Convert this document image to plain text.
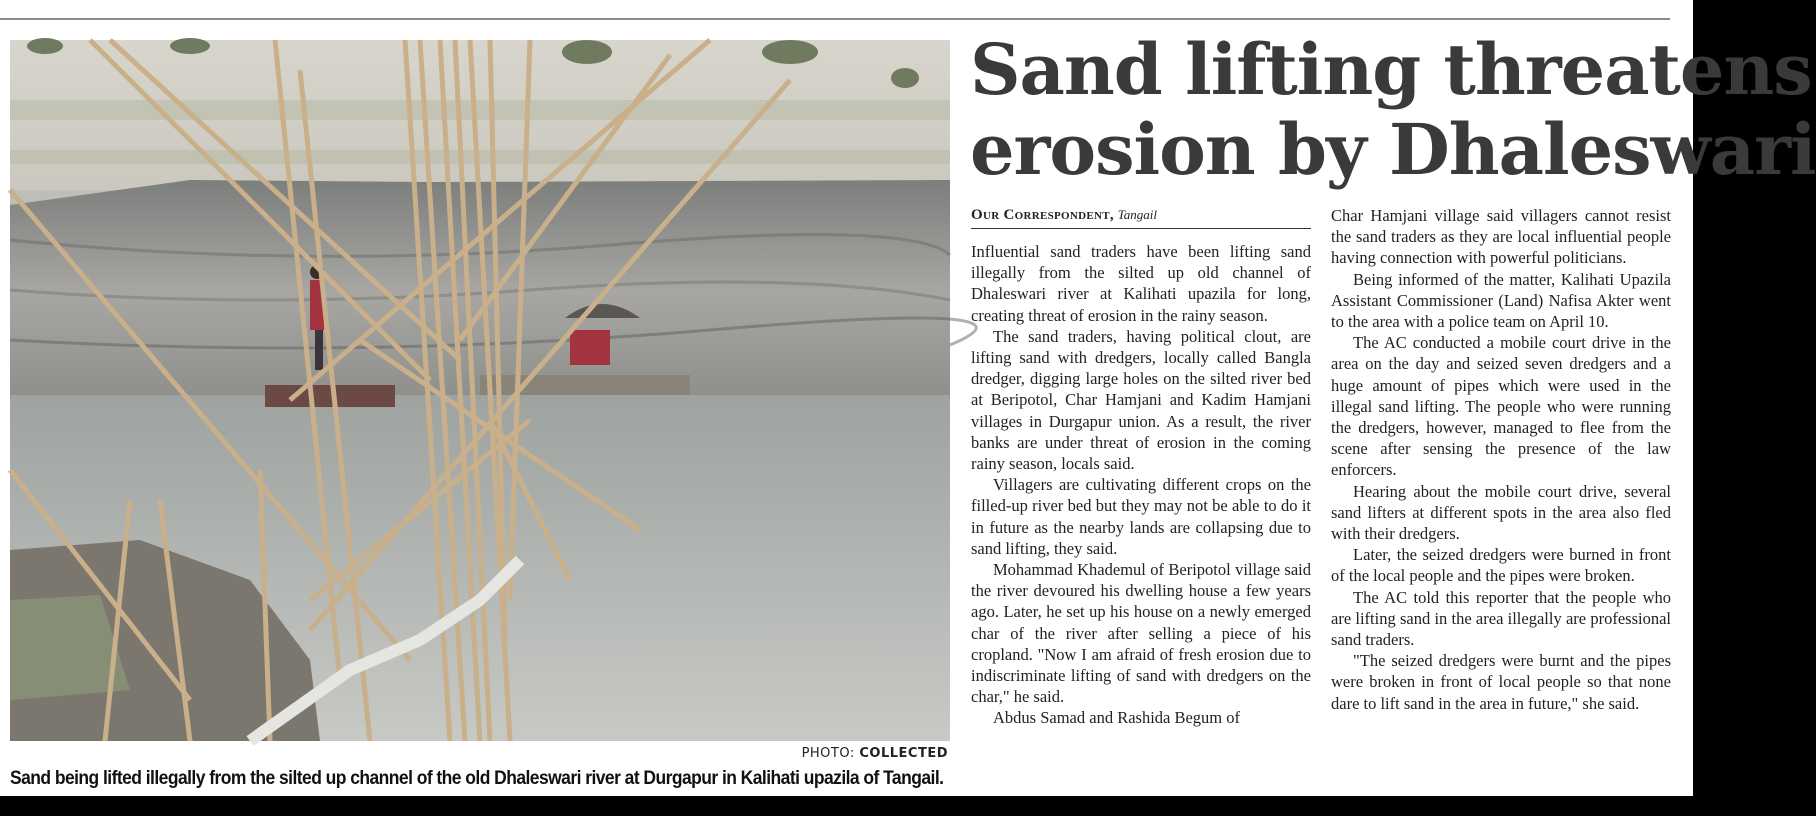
PHOTO: COLLECTED
Sand being lifted illegally from the silted up channel of the old Dhaleswari river at Durgapur in Kalihati upazila of Tangail.
Sand lifting threatens
erosion by Dhaleswari
Our Correspondent, Tangail

Influential sand traders have been lifting sand illegally from the silted up old channel of Dhaleswari river at Kalihati upazila for long, creating threat of erosion in the rainy season.

The sand traders, having political clout, are lifting sand with dredgers, locally called Bangla dredger, digging large holes on the silted river bed at Beripotol, Char Hamjani and Kadim Hamjani villages in Durgapur union. As a result, the river banks are under threat of erosion in the coming rainy season, locals said.

Villagers are cultivating different crops on the filled-up river bed but they may not be able to do it in future as the nearby lands are collapsing due to sand lifting, they said.

Mohammad Khademul of Beripotol village said the river devoured his dwelling house a few years ago. Later, he set up his house on a newly emerged char of the river after selling a piece of his cropland. "Now I am afraid of fresh erosion due to indiscriminate lifting of sand with dredgers on the char," he said.

Abdus Samad and Rashida Begum of

Char Hamjani village said villagers cannot resist the sand traders as they are local influential people having connection with powerful politicians.

Being informed of the matter, Kalihati Upazila Assistant Commissioner (Land) Nafisa Akter went to the area with a police team on April 10.

The AC conducted a mobile court drive in the area on the day and seized seven dredgers and a huge amount of pipes which were used in the illegal sand lifting. The people who were running the dredgers, however, managed to flee from the scene after sensing the presence of the law enforcers.

Hearing about the mobile court drive, several sand lifters at different spots in the area also fled with their dredgers.

Later, the seized dredgers were burned in front of the local people and the pipes were broken.

The AC told this reporter that the people who are lifting sand in the area illegally are professional sand traders.

"The seized dredgers were burnt and the pipes were broken in front of local people so that none dare to lift sand in the area in future," she said.
